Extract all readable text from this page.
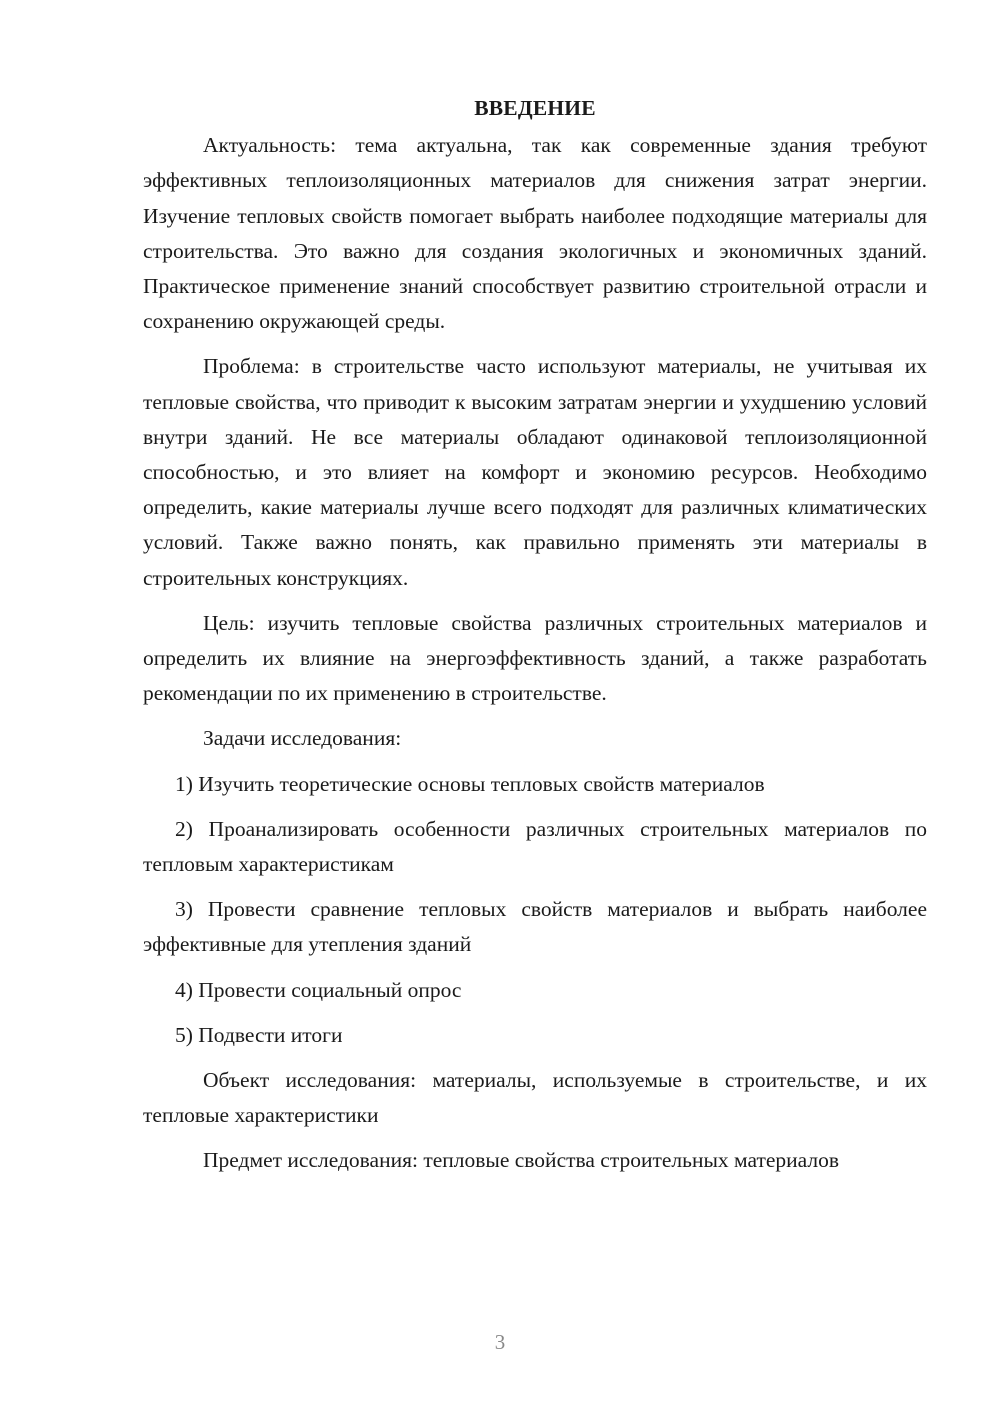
ВВЕДЕНИЕ

Актуальность: тема актуальна, так как современные здания требуют эффективных теплоизоляционных материалов для снижения затрат энергии. Изучение тепловых свойств помогает выбрать наиболее подходящие материалы для строительства. Это важно для создания экологичных и экономичных зданий. Практическое применение знаний способствует развитию строительной отрасли и сохранению окружающей среды.

Проблема: в строительстве часто используют материалы, не учитывая их тепловые свойства, что приводит к высоким затратам энергии и ухудшению условий внутри зданий. Не все материалы обладают одинаковой теплоизоляционной способностью, и это влияет на комфорт и экономию ресурсов. Необходимо определить, какие материалы лучше всего подходят для различных климатических условий. Также важно понять, как правильно применять эти материалы в строительных конструкциях.

Цель: изучить тепловые свойства различных строительных материалов и определить их влияние на энергоэффективность зданий, а также разработать рекомендации по их применению в строительстве.

Задачи исследования:

1) Изучить теоретические основы тепловых свойств материалов

2) Проанализировать особенности различных строительных материалов по тепловым характеристикам

3) Провести сравнение тепловых свойств материалов и выбрать наиболее эффективные для утепления зданий

4) Провести социальный опрос

5) Подвести итоги

Объект исследования: материалы, используемые в строительстве, и их тепловые характеристики

Предмет исследования: тепловые свойства строительных материалов

3
